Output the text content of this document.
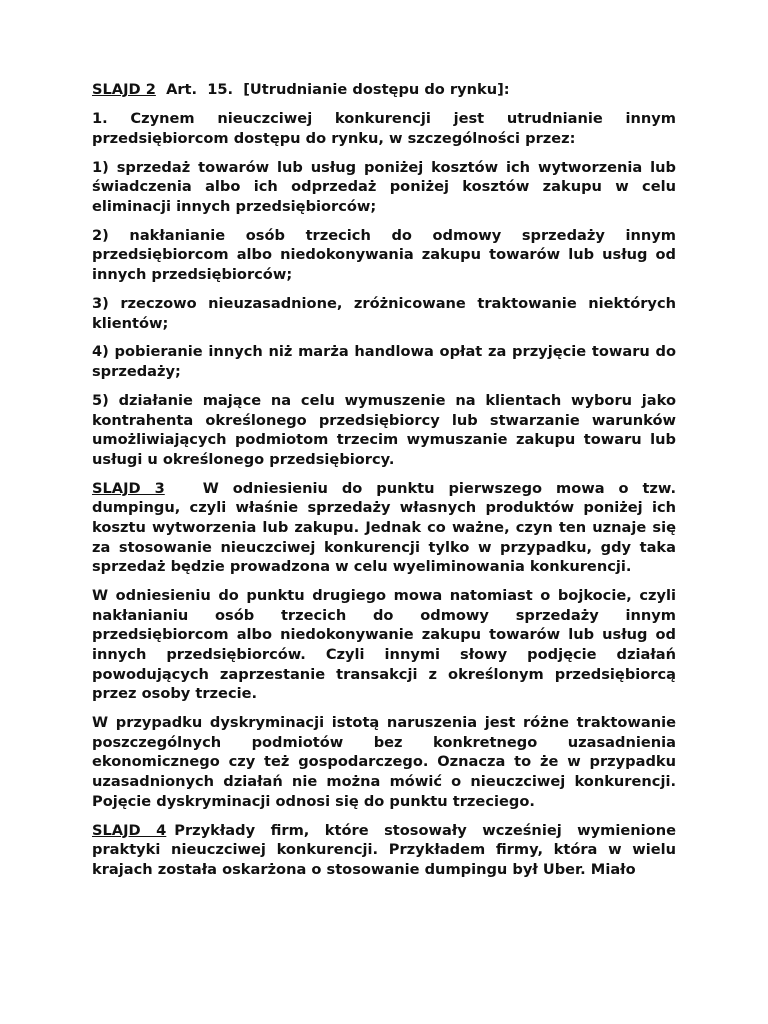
SLAJD 2 Art.  15. [Utrudnianie dostępu do rynku]:

1. Czynem nieuczciwej konkurencji jest utrudnianie innym przedsiębiorcom dostępu do rynku, w szczególności przez:

1) sprzedaż towarów lub usług poniżej kosztów ich wytworzenia lub świadczenia albo ich odprzedaż poniżej kosztów zakupu w celu eliminacji innych przedsiębiorców;

2) nakłanianie osób trzecich do odmowy sprzedaży innym przedsiębiorcom albo niedokonywania zakupu towarów lub usług od innych przedsiębiorców;

3) rzeczowo nieuzasadnione, zróżnicowane traktowanie niektórych klientów;

4) pobieranie innych niż marża handlowa opłat za przyjęcie towaru do sprzedaży;

5) działanie mające na celu wymuszenie na klientach wyboru jako kontrahenta określonego przedsiębiorcy lub stwarzanie warunków umożliwiających podmiotom trzecim wymuszanie zakupu towaru lub usługi u określonego przedsiębiorcy.

SLAJD 3	W odniesieniu do punktu pierwszego mowa o tzw. dumpingu, czyli właśnie sprzedaży własnych produktów poniżej ich kosztu wytworzenia lub zakupu. Jednak co ważne, czyn ten uznaje się za stosowanie nieuczciwej konkurencji tylko w przypadku, gdy taka sprzedaż będzie prowadzona w celu wyeliminowania konkurencji.

W odniesieniu do punktu drugiego mowa natomiast o bojkocie, czyli nakłanianiu osób trzecich do odmowy sprzedaży innym przedsiębiorcom albo niedokonywanie zakupu towarów lub usług od innych przedsiębiorców. Czyli innymi słowy podjęcie działań powodujących zaprzestanie transakcji z określonym przedsiębiorcą przez osoby trzecie.

W przypadku dyskryminacji istotą naruszenia jest różne traktowanie poszczególnych podmiotów bez konkretnego uzasadnienia ekonomicznego czy też gospodarczego. Oznacza to że w przypadku uzasadnionych działań nie można mówić o nieuczciwej konkurencji. Pojęcie dyskryminacji odnosi się do punktu trzeciego.

SLAJD 4 Przykłady firm, które stosowały wcześniej wymienione praktyki nieuczciwej konkurencji. Przykładem firmy, która w wielu krajach została oskarżona o stosowanie dumpingu był Uber. Miało
